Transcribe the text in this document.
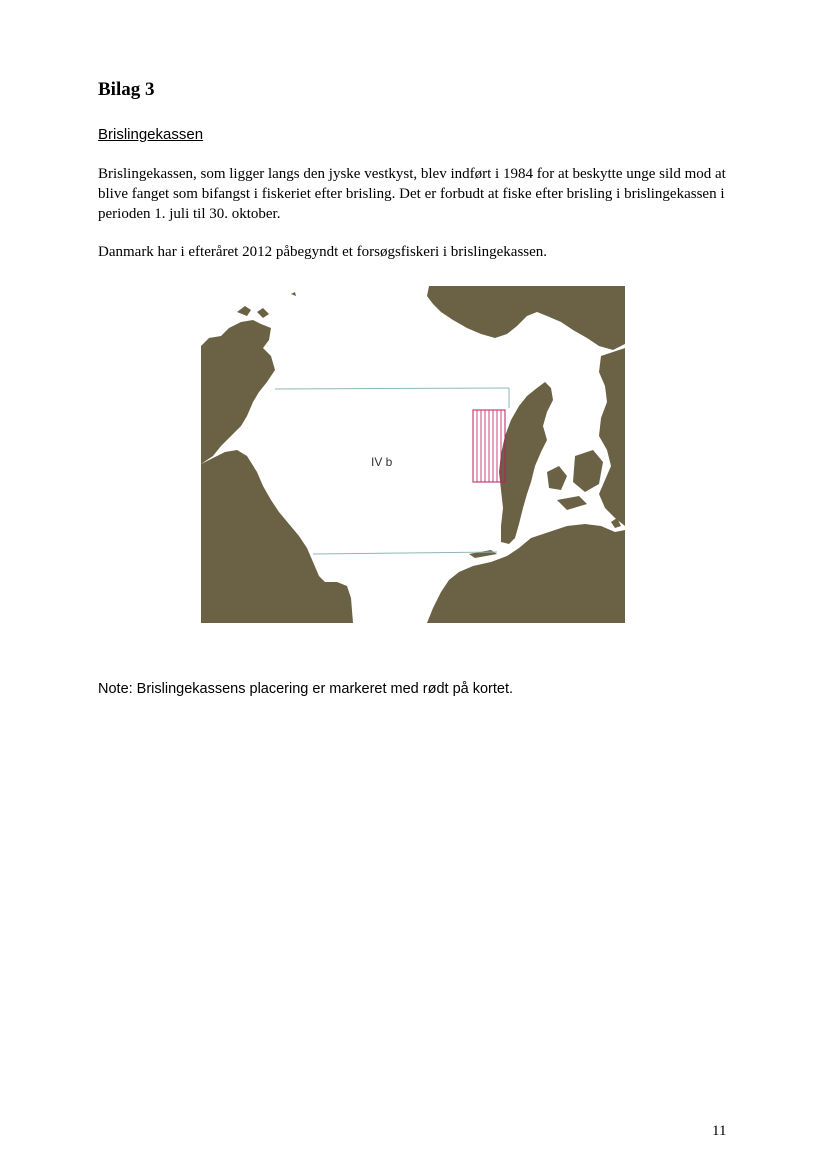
Bilag 3
Brislingekassen

Brislingekassen, som ligger langs den jyske vestkyst, blev indført i 1984 for at beskytte unge sild mod at blive fanget som bifangst i fiskeriet efter brisling. Det er forbudt at fiske efter brisling i brislingekassen i perioden 1. juli til 30. oktober.

Danmark har i efteråret 2012 påbegyndt et forsøgsfiskeri i brislingekassen.

IV b

Note: Brislingekassens placering er markeret med rødt på kortet.

11
